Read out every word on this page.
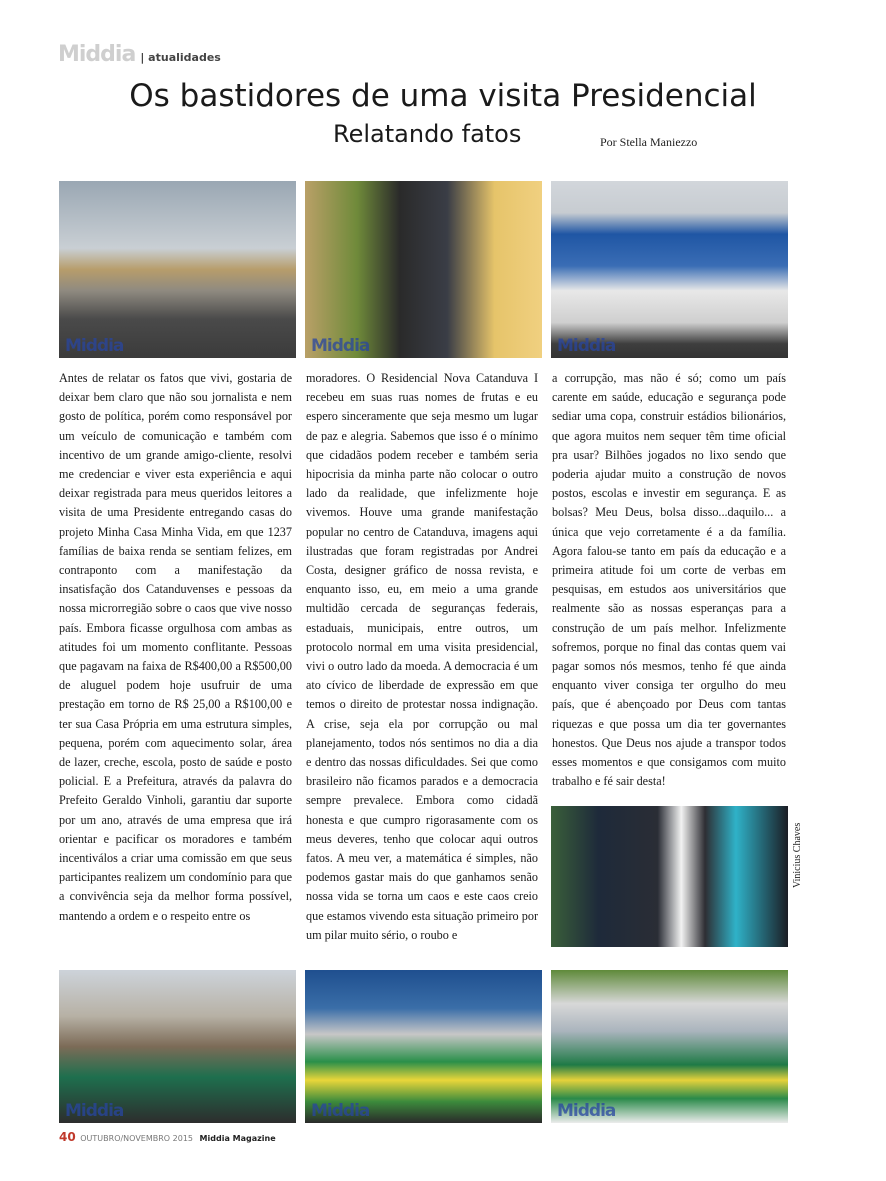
Middia | atualidades
Os bastidores de uma visita Presidencial
Relatando fatos	Por Stella Maniezzo
Middia	Middia	Middia
Antes de relatar os fatos que vivi, gostaria de deixar bem claro que não sou jornalista e nem gosto de política, porém como responsável por um veículo de comunicação e também com incentivo de um grande amigo-cliente, resolvi me credenciar e viver esta experiência e aqui deixar registrada para meus queridos leitores a visita de uma Presidente entregando casas do projeto Minha Casa Minha Vida, em que 1237 famílias de baixa renda se sentiam felizes, em contraponto com a manifestação da insatisfação dos Catanduvenses e pessoas da nossa microrregião sobre o caos que vive nosso país. Embora ficasse orgulhosa com ambas as atitudes foi um momento conflitante. Pessoas que pagavam na faixa de R$400,00 a R$500,00 de aluguel podem hoje usufruir de uma prestação em torno de R$ 25,00 a R$100,00 e ter sua Casa Própria em uma estrutura simples, pequena, porém com aquecimento solar, área de lazer, creche, escola, posto de saúde e posto policial. E a Prefeitura, através da palavra do Prefeito Geraldo Vinholi, garantiu dar suporte por um ano, através de uma empresa que irá orientar e pacificar os moradores e também incentiválos a criar uma comissão em que seus participantes realizem um condomínio para que a convivência seja da melhor forma possível, mantendo a ordem e o respeito entre os
moradores. O Residencial Nova Catanduva I recebeu em suas ruas nomes de frutas e eu espero sinceramente que seja mesmo um lugar de paz e alegria. Sabemos que isso é o mínimo que cidadãos podem receber e também seria hipocrisia da minha parte não colocar o outro lado da realidade, que infelizmente hoje vivemos. Houve uma grande manifestação popular no centro de Catanduva, imagens aqui ilustradas que foram registradas por Andrei Costa, designer gráfico de nossa revista, e enquanto isso, eu, em meio a uma grande multidão cercada de seguranças federais, estaduais, municipais, entre outros, um protocolo normal em uma visita presidencial, vivi o outro lado da moeda. A democracia é um ato cívico de liberdade de expressão em que temos o direito de protestar nossa indignação. A crise, seja ela por corrupção ou mal planejamento, todos nós sentimos no dia a dia e dentro das nossas dificuldades. Sei que como brasileiro não ficamos parados e a democracia sempre prevalece. Embora como cidadã honesta e que cumpro rigorasamente com os meus deveres, tenho que colocar aqui outros fatos. A meu ver, a matemática é simples, não podemos gastar mais do que ganhamos senão nossa vida se torna um caos e este caos creio que estamos vivendo esta situação primeiro por um pilar muito sério, o roubo e
a corrupção, mas não é só; como um país carente em saúde, educação e segurança pode sediar uma copa, construir estádios bilionários, que agora muitos nem sequer têm time oficial pra usar? Bilhões jogados no lixo sendo que poderia ajudar muito a construção de novos postos, escolas e investir em segurança. E as bolsas? Meu Deus, bolsa disso...daquilo... a única que vejo corretamente é a da família. Agora falou-se tanto em país da educação e a primeira atitude foi um corte de verbas em pesquisas, em estudos aos universitários que realmente são as nossas esperanças para a construção de um país melhor. Infelizmente sofremos, porque no final das contas quem vai pagar somos nós mesmos, tenho fé que ainda enquanto viver consiga ter orgulho do meu país, que é abençoado por Deus com tantas riquezas e que possa um dia ter governantes honestos. Que Deus nos ajude a transpor todos esses momentos e que consigamos com muito trabalho e fé sair desta!
Vinicius Chaves
Middia	Middia	Middia
40 OUTUBRO/NOVEMBRO 2015 Middia Magazine
